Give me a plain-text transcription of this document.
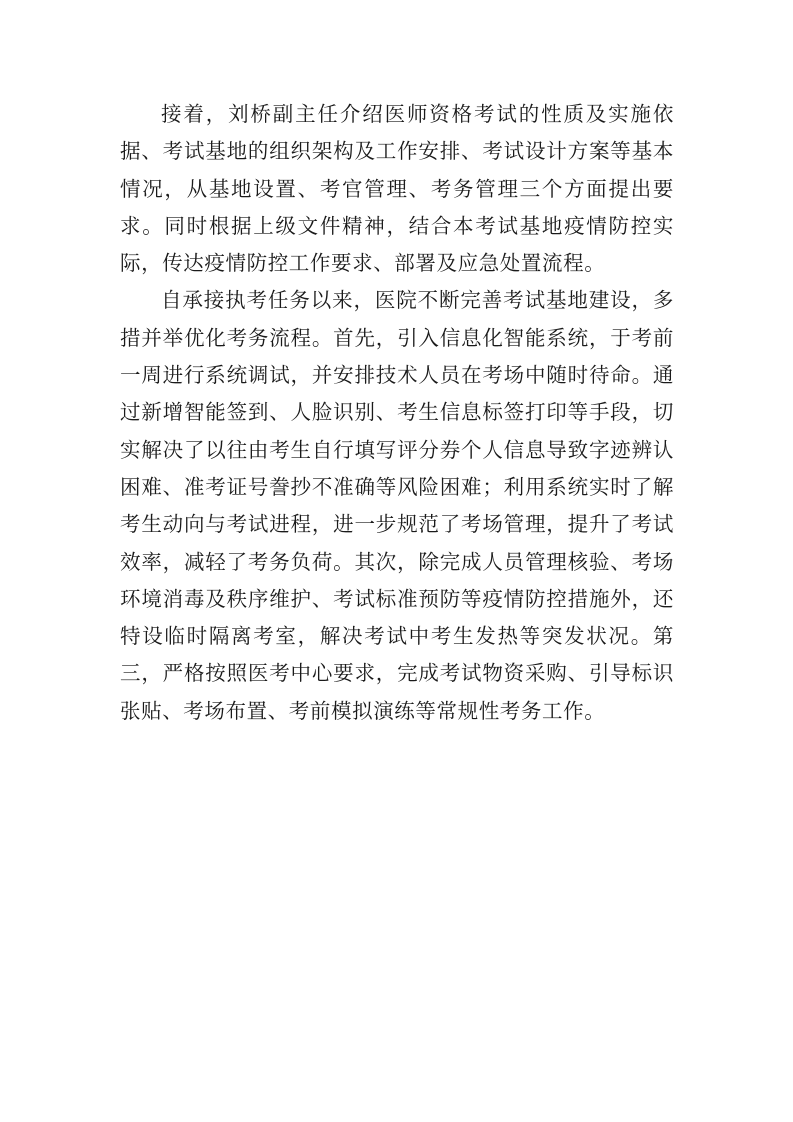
接着，刘桥副主任介绍医师资格考试的性质及实施依据、考试基地的组织架构及工作安排、考试设计方案等基本情况，从基地设置、考官管理、考务管理三个方面提出要求。同时根据上级文件精神，结合本考试基地疫情防控实际，传达疫情防控工作要求、部署及应急处置流程。

自承接执考任务以来，医院不断完善考试基地建设，多措并举优化考务流程。首先，引入信息化智能系统，于考前一周进行系统调试，并安排技术人员在考场中随时待命。通过新增智能签到、人脸识别、考生信息标签打印等手段，切实解决了以往由考生自行填写评分券个人信息导致字迹辨认困难、准考证号誊抄不准确等风险困难；利用系统实时了解考生动向与考试进程，进一步规范了考场管理，提升了考试效率，减轻了考务负荷。其次，除完成人员管理核验、考场环境消毒及秩序维护、考试标准预防等疫情防控措施外，还特设临时隔离考室，解决考试中考生发热等突发状况。第三，严格按照医考中心要求，完成考试物资采购、引导标识张贴、考场布置、考前模拟演练等常规性考务工作。
